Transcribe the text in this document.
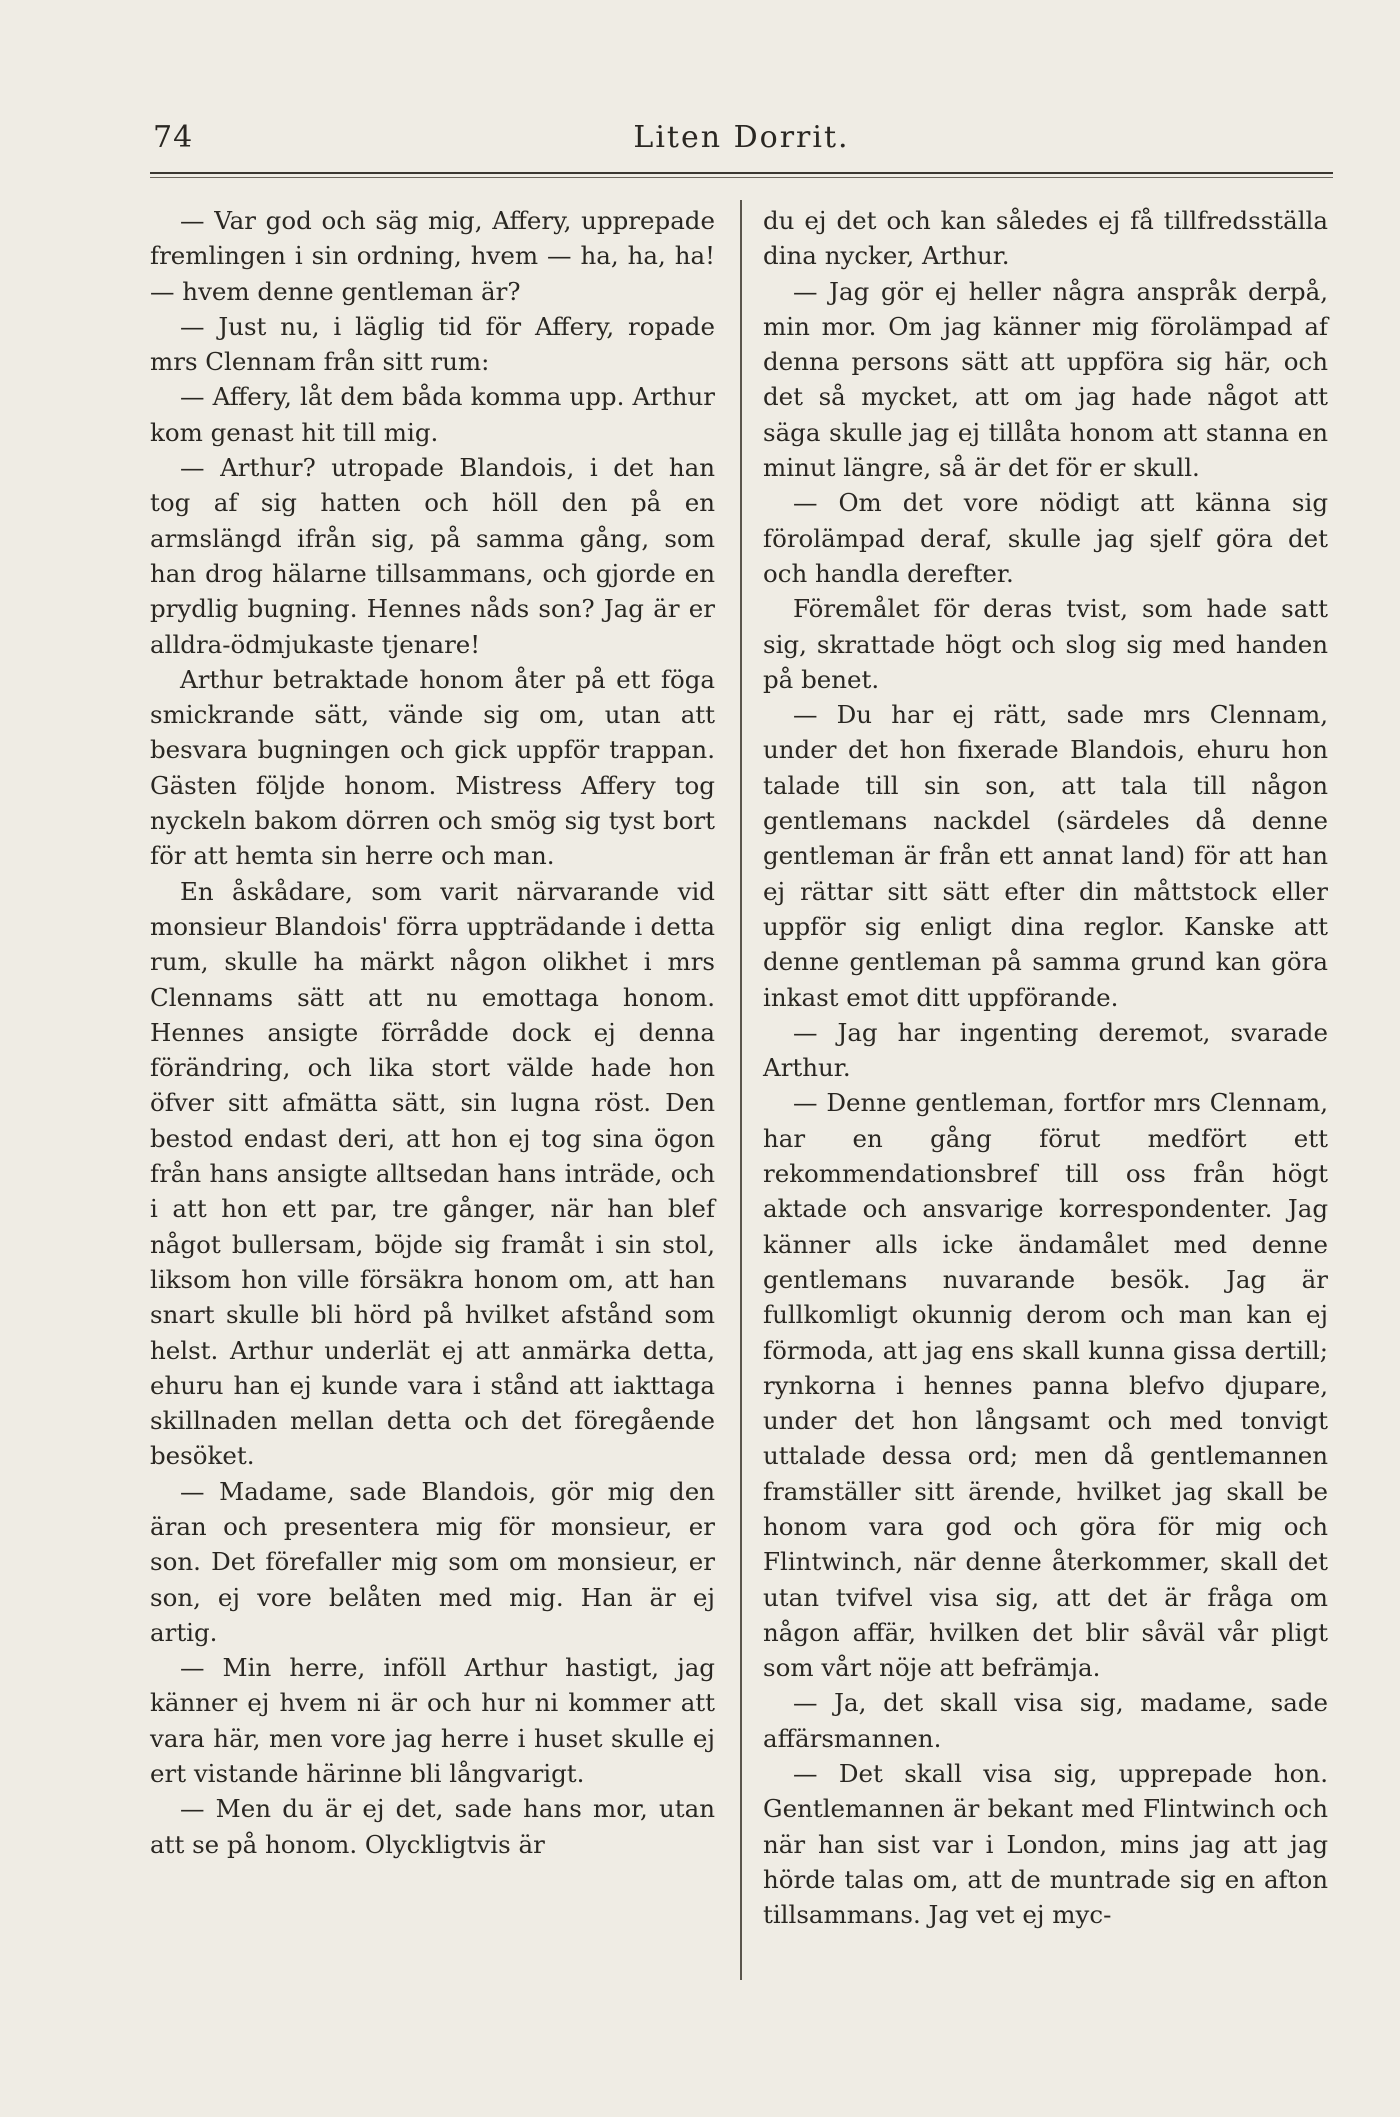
74	Liten Dorrit.

— Var god och säg mig, Affery, upprepade fremlingen i sin ordning, hvem — ha, ha, ha! — hvem denne gentleman är?

— Just nu, i läglig tid för Affery, ropade mrs Clennam från sitt rum:

— Affery, låt dem båda komma upp. Arthur kom genast hit till mig.

— Arthur? utropade Blandois, i det han tog af sig hatten och höll den på en armslängd ifrån sig, på samma gång, som han drog hälarne tillsammans, och gjorde en prydlig bugning. Hennes nåds son? Jag är er alldra-ödmjukaste tjenare!

Arthur betraktade honom åter på ett föga smickrande sätt, vände sig om, utan att besvara bugningen och gick uppför trappan. Gästen följde honom. Mistress Affery tog nyckeln bakom dörren och smög sig tyst bort för att hemta sin herre och man.

En åskådare, som varit närvarande vid monsieur Blandois' förra uppträdande i detta rum, skulle ha märkt någon olikhet i mrs Clennams sätt att nu emottaga honom. Hennes ansigte förrådde dock ej denna förändring, och lika stort välde hade hon öfver sitt afmätta sätt, sin lugna röst. Den bestod endast deri, att hon ej tog sina ögon från hans ansigte alltsedan hans inträde, och i att hon ett par, tre gånger, när han blef något bullersam, böjde sig framåt i sin stol, liksom hon ville försäkra honom om, att han snart skulle bli hörd på hvilket afstånd som helst. Arthur underlät ej att anmärka detta, ehuru han ej kunde vara i stånd att iakttaga skillnaden mellan detta och det föregående besöket.

— Madame, sade Blandois, gör mig den äran och presentera mig för monsieur, er son. Det förefaller mig som om monsieur, er son, ej vore belåten med mig. Han är ej artig.

— Min herre, inföll Arthur hastigt, jag känner ej hvem ni är och hur ni kommer att vara här, men vore jag herre i huset skulle ej ert vistande härinne bli långvarigt.

— Men du är ej det, sade hans mor, utan att se på honom. Olyckligtvis är

du ej det och kan således ej få tillfredsställa dina nycker, Arthur.

— Jag gör ej heller några anspråk derpå, min mor. Om jag känner mig förolämpad af denna persons sätt att uppföra sig här, och det så mycket, att om jag hade något att säga skulle jag ej tillåta honom att stanna en minut längre, så är det för er skull.

— Om det vore nödigt att känna sig förolämpad deraf, skulle jag sjelf göra det och handla derefter.

Föremålet för deras tvist, som hade satt sig, skrattade högt och slog sig med handen på benet.

— Du har ej rätt, sade mrs Clennam, under det hon fixerade Blandois, ehuru hon talade till sin son, att tala till någon gentlemans nackdel (särdeles då denne gentleman är från ett annat land) för att han ej rättar sitt sätt efter din måttstock eller uppför sig enligt dina reglor. Kanske att denne gentleman på samma grund kan göra inkast emot ditt uppförande.

— Jag har ingenting deremot, svarade Arthur.

— Denne gentleman, fortfor mrs Clennam, har en gång förut medfört ett rekommendationsbref till oss från högt aktade och ansvarige korrespondenter. Jag känner alls icke ändamålet med denne gentlemans nuvarande besök. Jag är fullkomligt okunnig derom och man kan ej förmoda, att jag ens skall kunna gissa dertill; rynkorna i hennes panna blefvo djupare, under det hon långsamt och med tonvigt uttalade dessa ord; men då gentlemannen framställer sitt ärende, hvilket jag skall be honom vara god och göra för mig och Flintwinch, när denne återkommer, skall det utan tvifvel visa sig, att det är fråga om någon affär, hvilken det blir såväl vår pligt som vårt nöje att befrämja.

— Ja, det skall visa sig, madame, sade affärsmannen.

— Det skall visa sig, upprepade hon. Gentlemannen är bekant med Flintwinch och när han sist var i London, mins jag att jag hörde talas om, att de muntrade sig en afton tillsammans. Jag vet ej myc-
